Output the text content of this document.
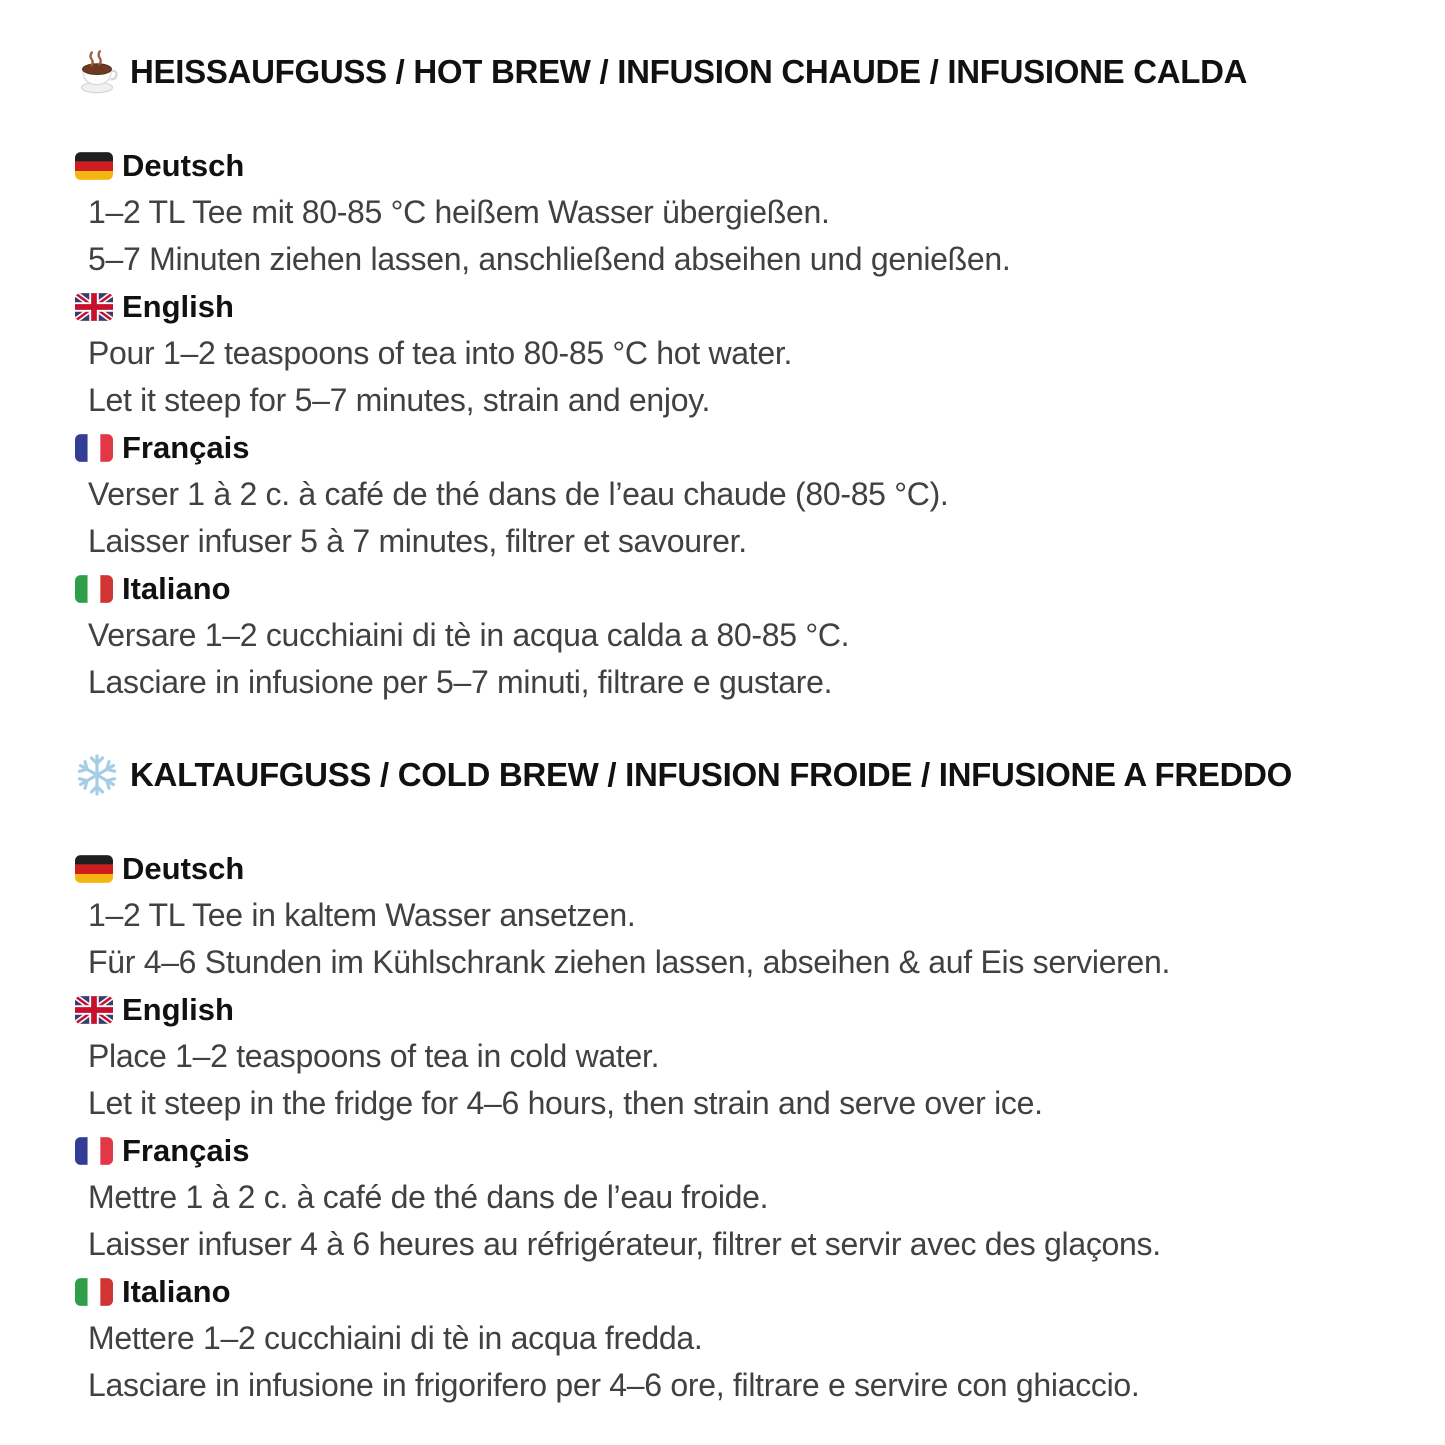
HEISSAUFGUSS / HOT BREW / INFUSION CHAUDE / INFUSIONE CALDA
Deutsch
1–2 TL Tee mit 80-85 °C heißem Wasser übergießen.
5–7 Minuten ziehen lassen, anschließend abseihen und genießen.
English
Pour 1–2 teaspoons of tea into 80-85 °C hot water.
Let it steep for 5–7 minutes, strain and enjoy.
Français
Verser 1 à 2 c. à café de thé dans de l’eau chaude (80-85 °C).
Laisser infuser 5 à 7 minutes, filtrer et savourer.
Italiano
Versare 1–2 cucchiaini di tè in acqua calda a 80-85 °C.
Lasciare in infusione per 5–7 minuti, filtrare e gustare.
KALTAUFGUSS / COLD BREW / INFUSION FROIDE / INFUSIONE A FREDDO
Deutsch
1–2 TL Tee in kaltem Wasser ansetzen.
Für 4–6 Stunden im Kühlschrank ziehen lassen, abseihen & auf Eis servieren.
English
Place 1–2 teaspoons of tea in cold water.
Let it steep in the fridge for 4–6 hours, then strain and serve over ice.
Français
Mettre 1 à 2 c. à café de thé dans de l’eau froide.
Laisser infuser 4 à 6 heures au réfrigérateur, filtrer et servir avec des glaçons.
Italiano
Mettere 1–2 cucchiaini di tè in acqua fredda.
Lasciare in infusione in frigorifero per 4–6 ore, filtrare e servire con ghiaccio.
